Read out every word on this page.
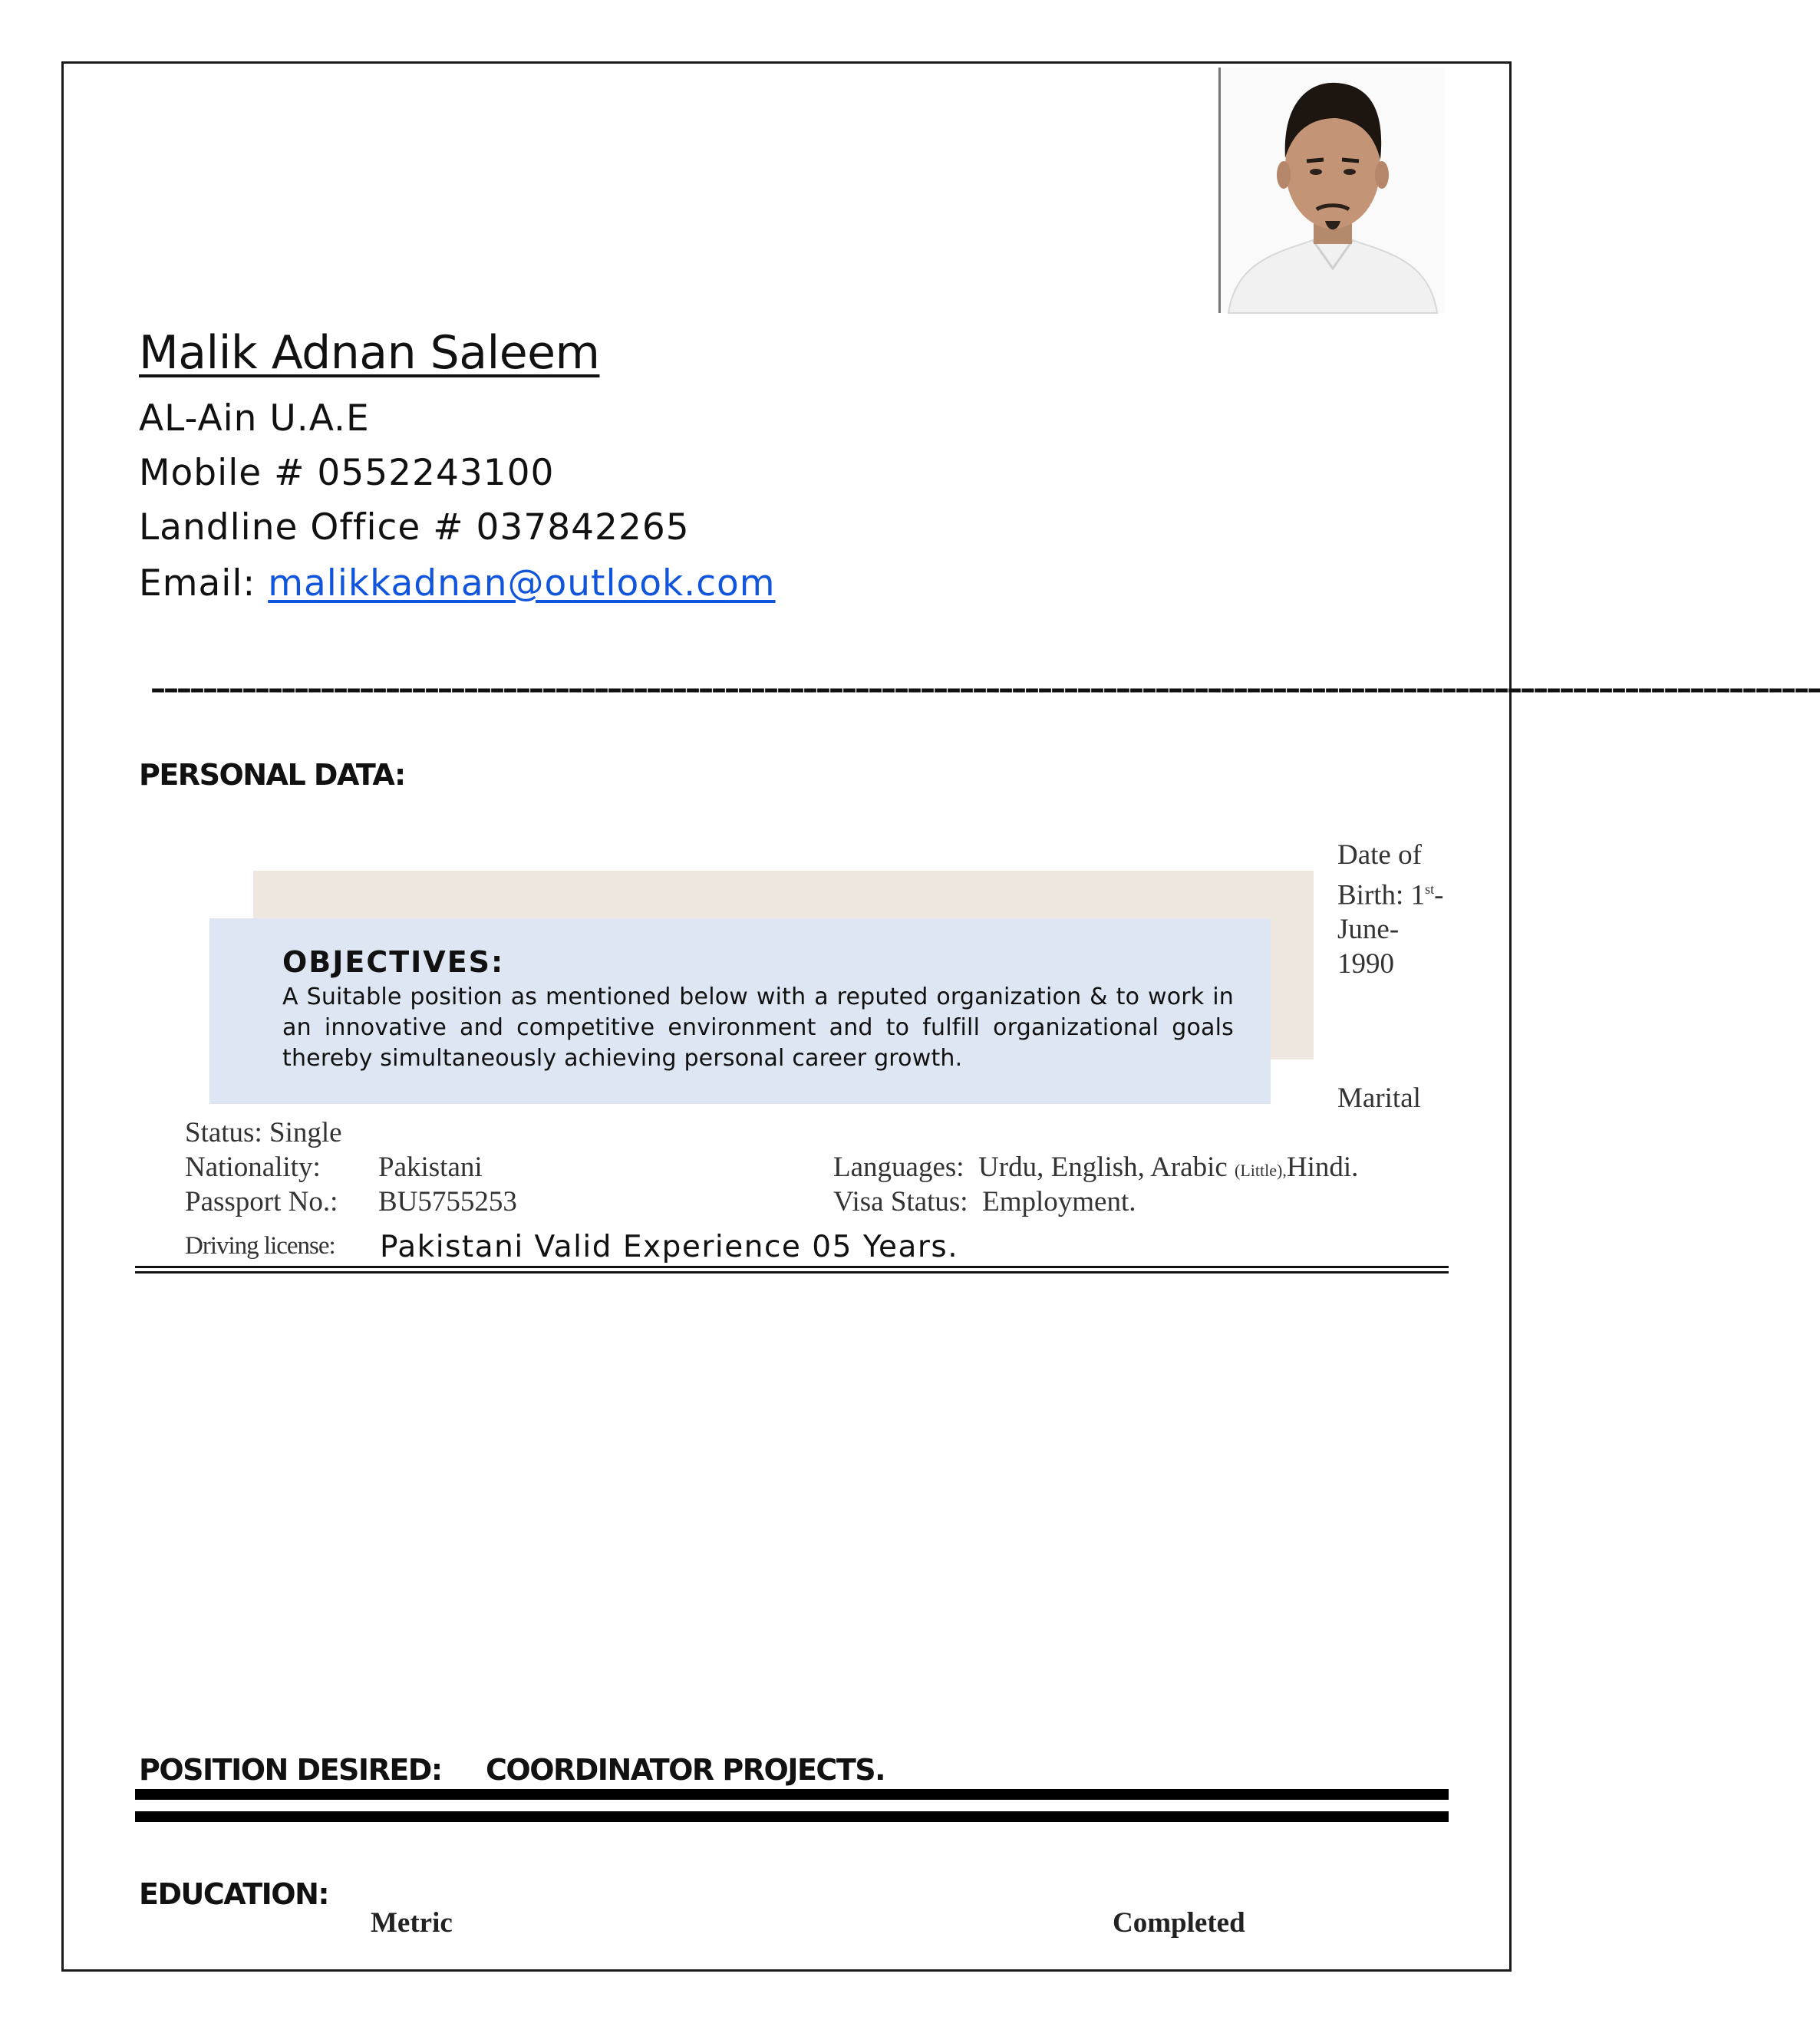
Malik Adnan Saleem
AL-Ain U.A.E
Mobile # 0552243100
Landline Office # 037842265
Email: malikkadnan@outlook.com
––––––––––––––––––––––––––––––––––––––––––––––––––––––––––––––––––––––––––––––––––––––––––––––––––––––––––––––––––––––––––––––––
PERSONAL DATA:
OBJECTIVES:
A Suitable position as mentioned below with a reputed organization & to work in an innovative and competitive environment and to fulfill organizational goals thereby simultaneously achieving personal career growth.
Date of Birth: 1st-June-1990
Marital
Status: Single
Nationality: Pakistani
Passport No.: BU5755253
Languages: Urdu, English, Arabic (Little),Hindi.
Visa Status: Employment.
Driving license: Pakistani Valid Experience 05 Years.
POSITION DESIRED: COORDINATOR PROJECTS.
EDUCATION:
Metric	Completed
